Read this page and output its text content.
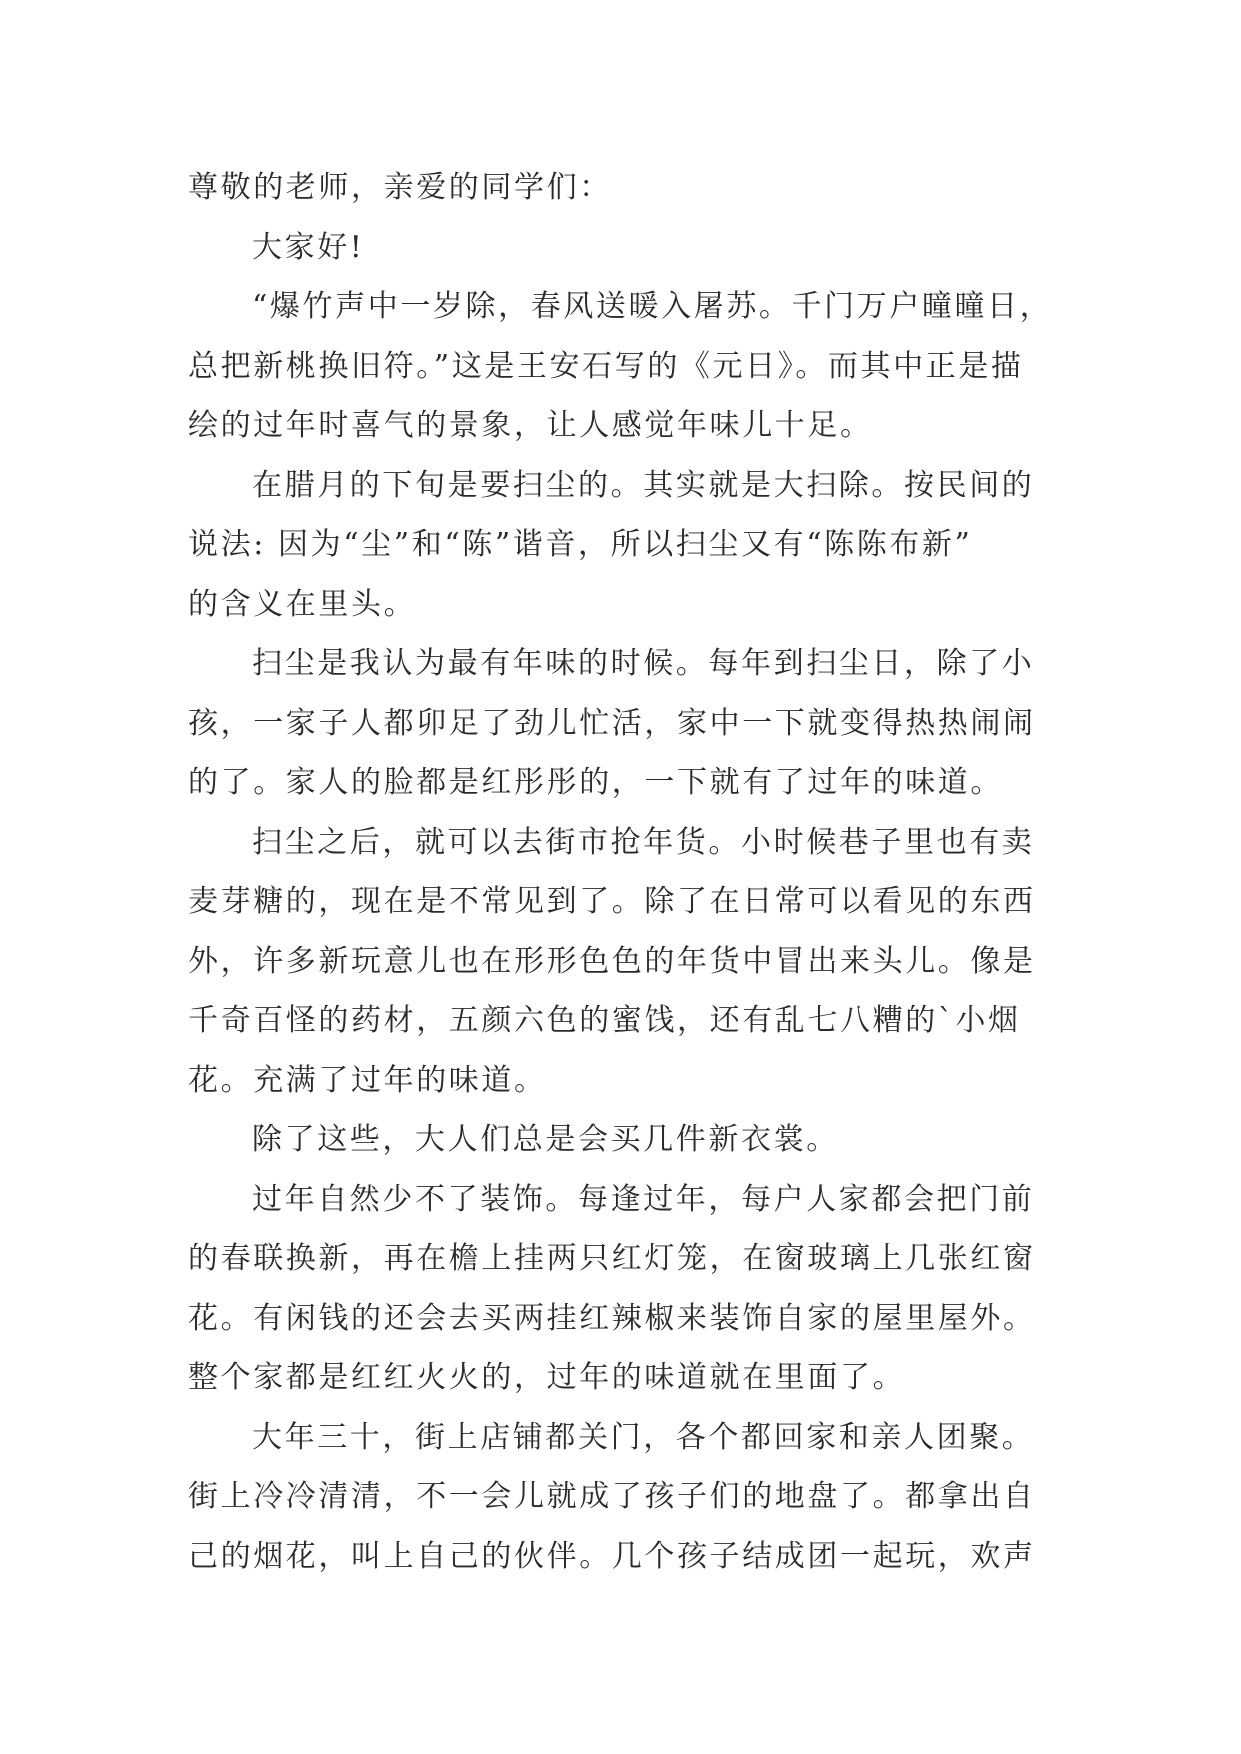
尊敬的老师，亲爱的同学们：
大家好!
“爆竹声中一岁除，春风送暖入屠苏。千门万户曈曈日，
总把新桃换旧符。”这是王安石写的《元日》。而其中正是描
绘的过年时喜气的景象，让人感觉年味儿十足。
在腊月的下旬是要扫尘的。其实就是大扫除。按民间的
说法: 因为“尘”和“陈”谐音，所以扫尘又有“陈陈布新”
的含义在里头。
扫尘是我认为最有年味的时候。每年到扫尘日，除了小
孩，一家子人都卯足了劲儿忙活，家中一下就变得热热闹闹
的了。家人的脸都是红彤彤的，一下就有了过年的味道。
扫尘之后，就可以去街市抢年货。小时候巷子里也有卖
麦芽糖的，现在是不常见到了。除了在日常可以看见的东西
外，许多新玩意儿也在形形色色的年货中冒出来头儿。像是
千奇百怪的药材，五颜六色的蜜饯，还有乱七八糟的`小烟
花。充满了过年的味道。
除了这些，大人们总是会买几件新衣裳。
过年自然少不了装饰。每逢过年，每户人家都会把门前
的春联换新，再在檐上挂两只红灯笼，在窗玻璃上几张红窗
花。有闲钱的还会去买两挂红辣椒来装饰自家的屋里屋外。
整个家都是红红火火的，过年的味道就在里面了。
大年三十，街上店铺都关门，各个都回家和亲人团聚。
街上冷冷清清，不一会儿就成了孩子们的地盘了。都拿出自
己的烟花，叫上自己的伙伴。几个孩子结成团一起玩，欢声
